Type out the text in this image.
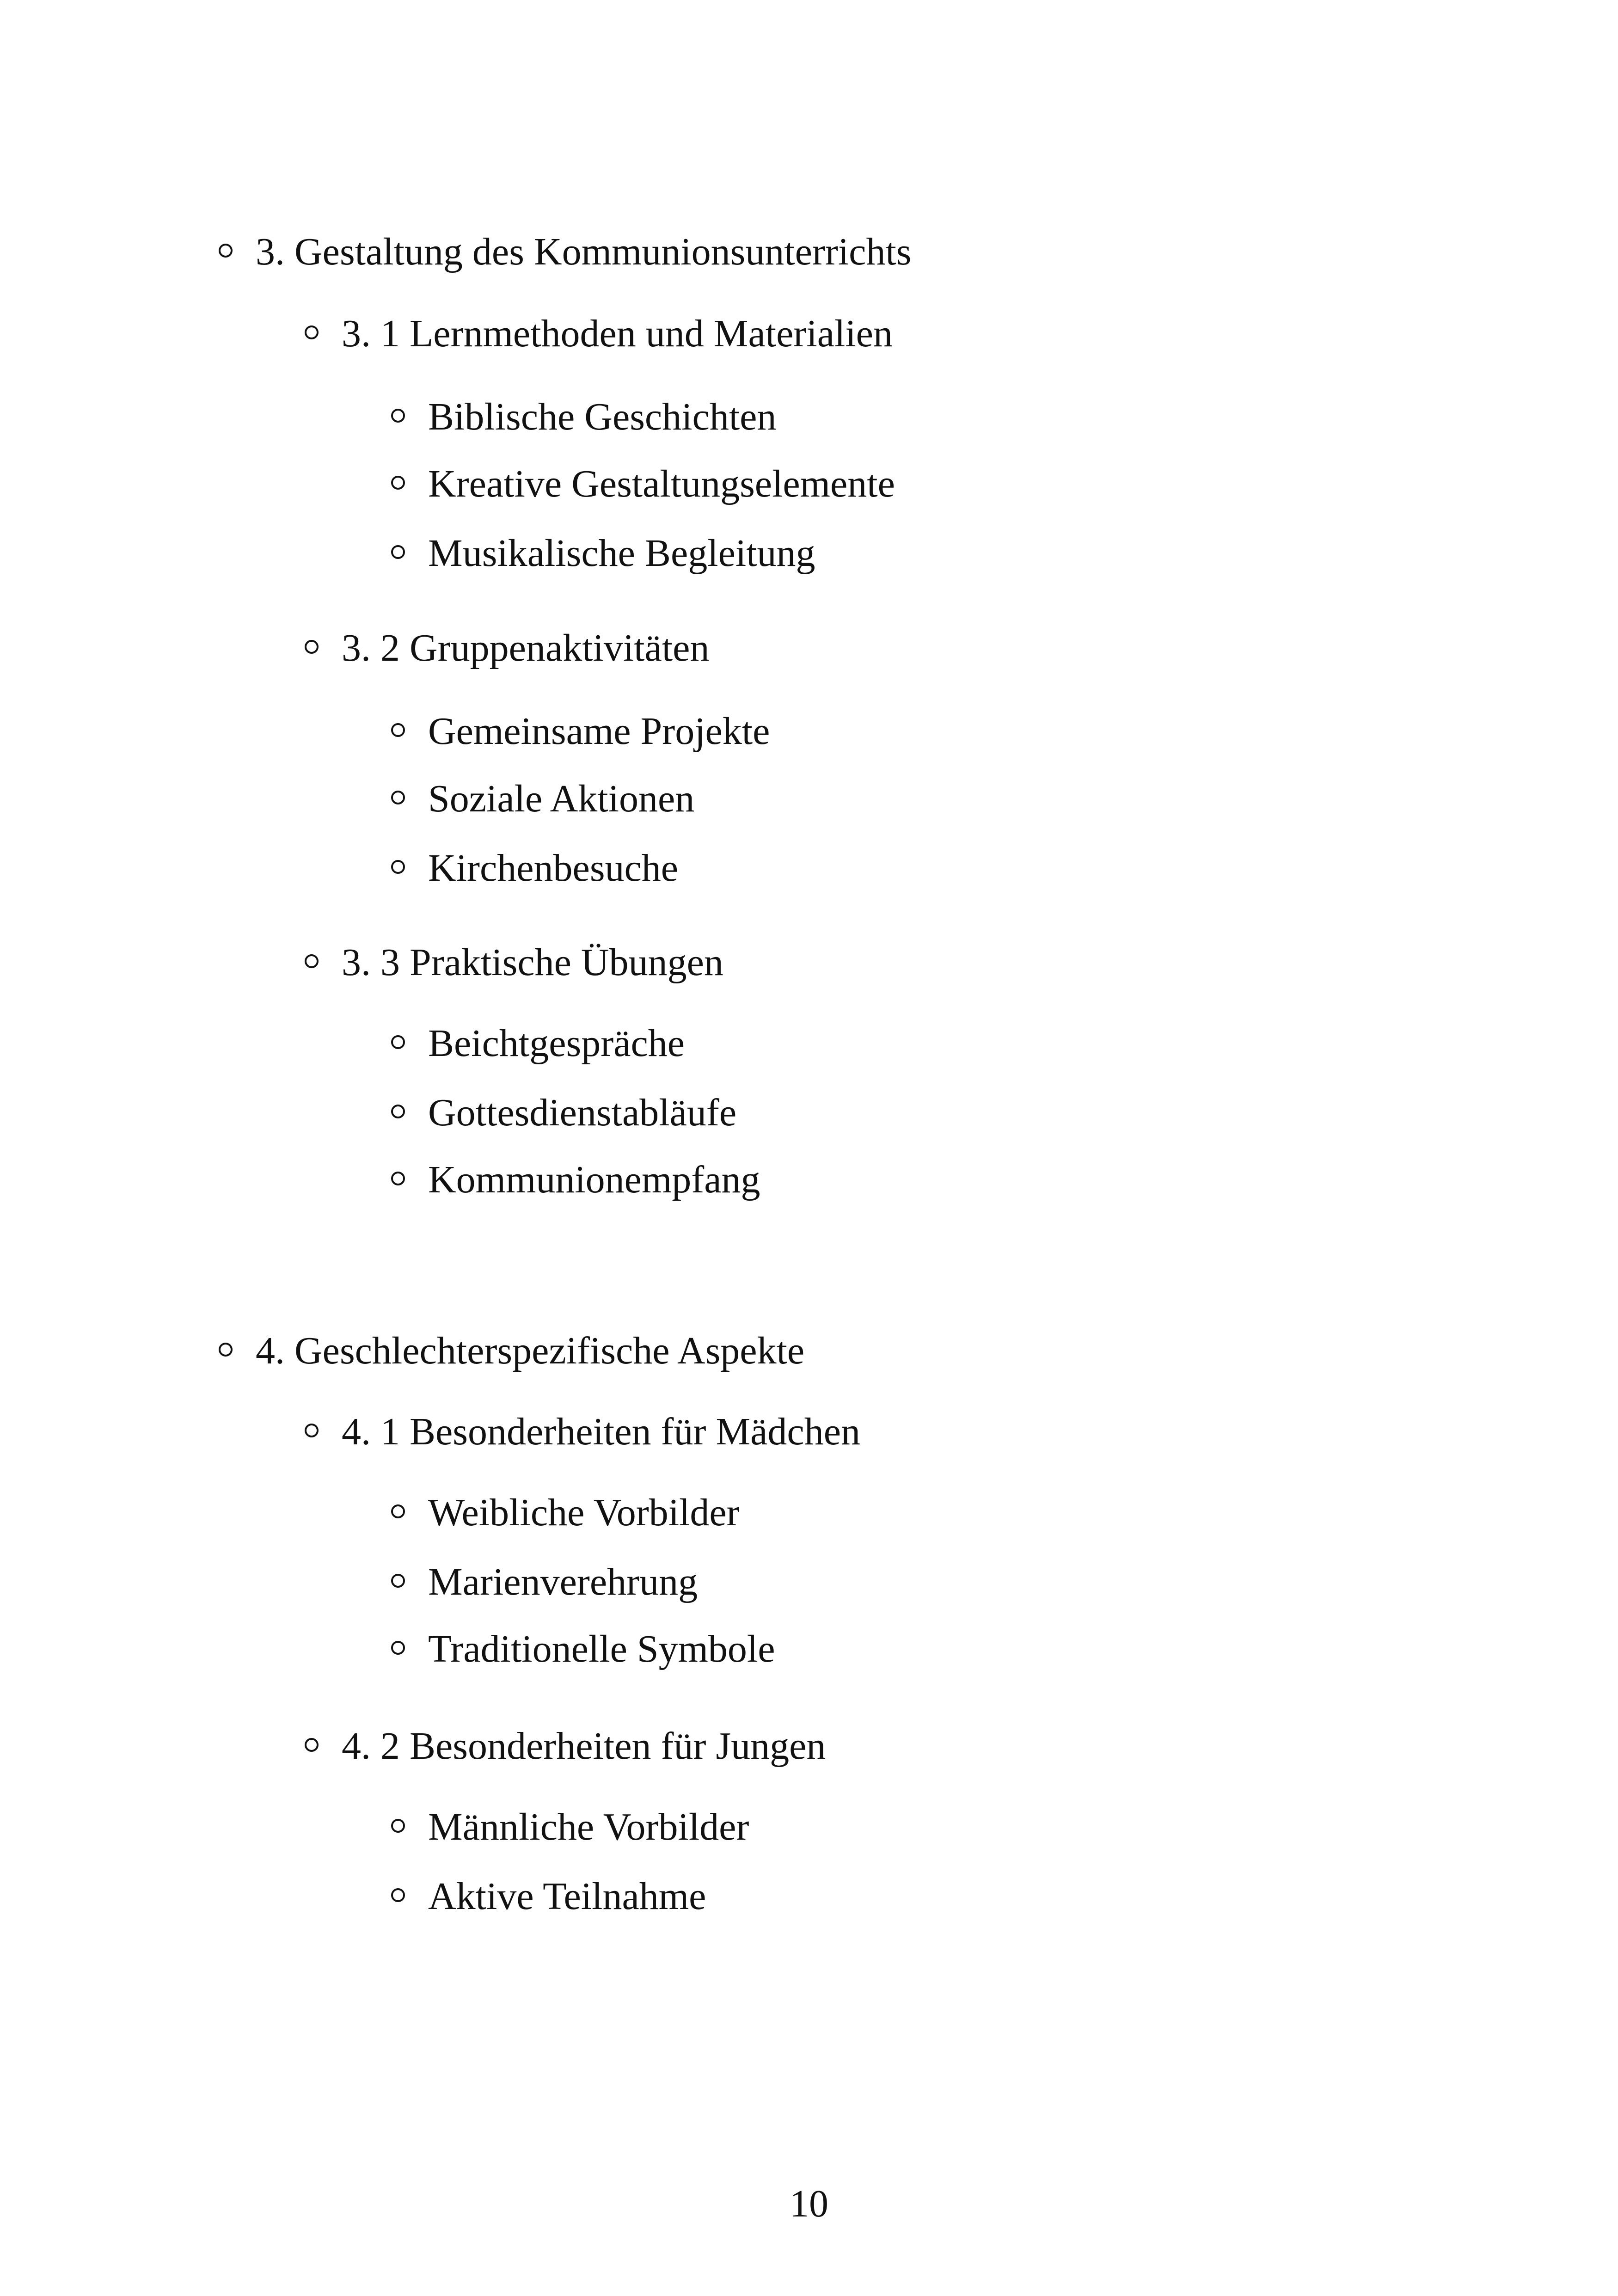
3. Gestaltung des Kommunionsunterrichts
3. 1 Lernmethoden und Materialien
Biblische Geschichten
Kreative Gestaltungselemente
Musikalische Begleitung
3. 2 Gruppenaktivitäten
Gemeinsame Projekte
Soziale Aktionen
Kirchenbesuche
3. 3 Praktische Übungen
Beichtgespräche
Gottesdienstabläufe
Kommunionempfang
4. Geschlechterspezifische Aspekte
4. 1 Besonderheiten für Mädchen
Weibliche Vorbilder
Marienverehrung
Traditionelle Symbole
4. 2 Besonderheiten für Jungen
Männliche Vorbilder
Aktive Teilnahme
10
